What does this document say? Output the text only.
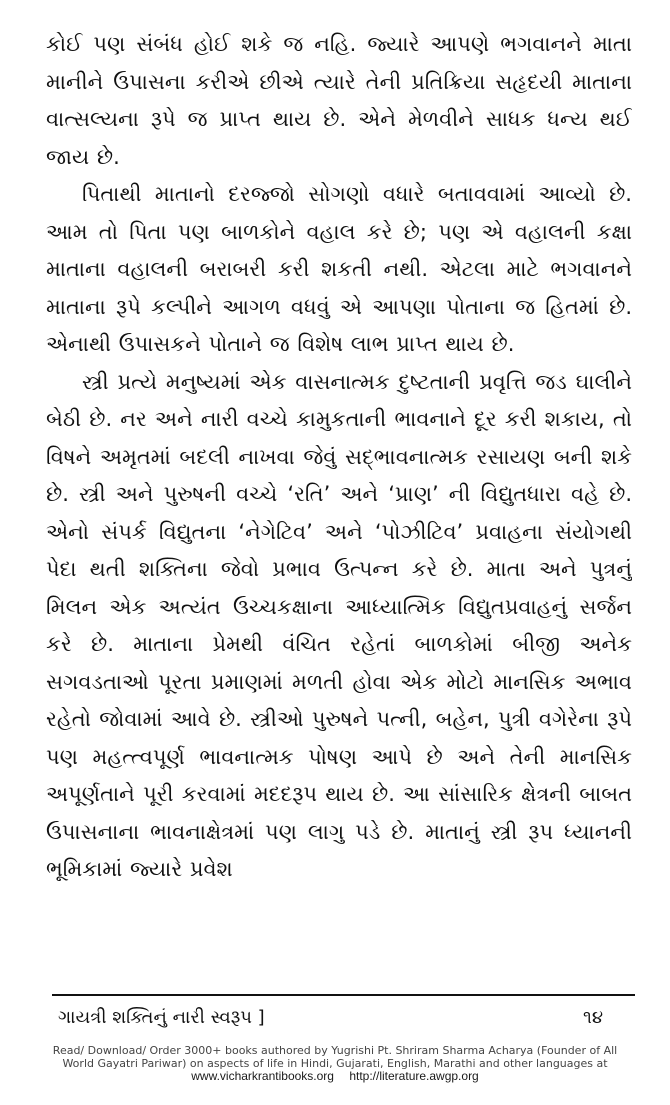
કોઈ પણ સંબંધ હોઈ શકે જ નહિ. જ્યારે આપણે ભગવાનને માતા માનીને ઉપાસના કરીએ છીએ ત્યારે તેની પ્રતિક્રિયા સહૃદયી માતાના વાત્સલ્યના રૂપે જ પ્રાપ્ત થાય છે. એને મેળવીને સાધક ધન્ય થઈ જાય છે.

પિતાથી માતાનો દરજ્જો સોગણો વધારે બતાવવામાં આવ્યો છે. આમ તો પિતા પણ બાળકોને વહાલ કરે છે; પણ એ વહાલની કક્ષા માતાના વહાલની બરાબરી કરી શકતી નથી. એટલા માટે ભગવાનને માતાના રૂપે કલ્પીને આગળ વધવું એ આપણા પોતાના જ હિતમાં છે. એનાથી ઉપાસકને પોતાને જ વિશેષ લાભ પ્રાપ્ત થાય છે.

સ્ત્રી પ્રત્યે મનુષ્યમાં એક વાસનાત્મક દુષ્ટતાની પ્રવૃત્તિ જડ ઘાલીને બેઠી છે. નર અને નારી વચ્ચે કામુકતાની ભાવનાને દૂર કરી શકાય, તો વિષને અમૃતમાં બદલી નાખવા જેવું સદ્ભાવનાત્મક રસાયણ બની શકે છે. સ્ત્રી અને પુરુષની વચ્ચે ‘રતિ’ અને ‘પ્રાણ’ ની વિદ્યુતધારા વહે છે. એનો સંપર્ક વિદ્યુતના ‘નેગેટિવ’ અને ‘પોઝીટિવ’ પ્રવાહના સંયોગથી પેદા થતી શક્તિના જેવો પ્રભાવ ઉત્પન્ન કરે છે. માતા અને પુત્રનું મિલન એક અત્યંત ઉચ્ચકક્ષાના આધ્યાત્મિક વિદ્યુતપ્રવાહનું સર્જન કરે છે. માતાના પ્રેમથી વંચિત રહેતાં બાળકોમાં બીજી અનેક સગવડતાઓ પૂરતા પ્રમાણમાં મળતી હોવા એક મોટો માનસિક અભાવ રહેતો જોવામાં આવે છે. સ્ત્રીઓ પુરુષને પત્ની, બહેન, પુત્રી વગેરેના રૂપે પણ મહત્ત્વપૂર્ણ ભાવનાત્મક પોષણ આપે છે અને તેની માનસિક અપૂર્ણતાને પૂરી કરવામાં મદદરૂપ થાય છે. આ સાંસારિક ક્ષેત્રની બાબત ઉપાસનાના ભાવનાક્ષેત્રમાં પણ લાગુ પડે છે. માતાનું સ્ત્રી રૂપ ધ્યાનની ભૂમિકામાં જ્યારે પ્રવેશ

ગાયત્રી શક્તિનું નારી સ્વરૂપ ]	૧૪
Read/ Download/ Order 3000+ books authored by Yugrishi Pt. Shriram Sharma Acharya (Founder of All
World Gayatri Pariwar) on aspects of life in Hindi, Gujarati, English, Marathi and other languages at
www.vicharkrantibooks.org http://literature.awgp.org
